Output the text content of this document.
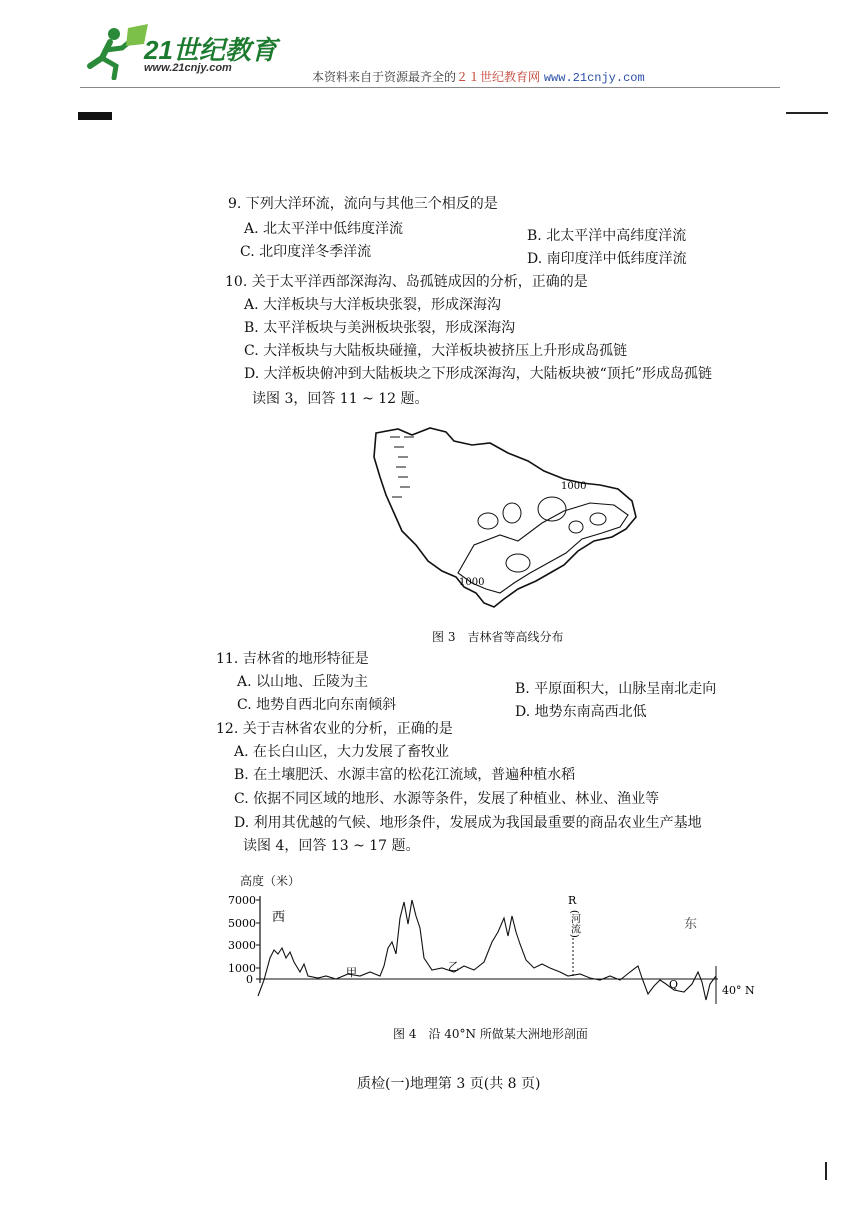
21世纪教育
www.21cnjy.com
本资料来自于资源最齐全的２１世纪教育网 www.21cnjy.com
9. 下列大洋环流，流向与其他三个相反的是
A. 北太平洋中低纬度洋流	B. 北太平洋中高纬度洋流
C. 北印度洋冬季洋流	D. 南印度洋中低纬度洋流
10. 关于太平洋西部深海沟、岛孤链成因的分析，正确的是
A. 大洋板块与大洋板块张裂，形成深海沟
B. 太平洋板块与美洲板块张裂，形成深海沟
C. 大洋板块与大陆板块碰撞，大洋板块被挤压上升形成岛孤链
D. 大洋板块俯冲到大陆板块之下形成深海沟，大陆板块被“顶托”形成岛孤链
读图 3，回答 11 ~ 12 题。
1000
1000
图 3　吉林省等高线分布
11. 吉林省的地形特征是
A. 以山地、丘陵为主	B. 平原面积大，山脉呈南北走向
C. 地势自西北向东南倾斜	D. 地势东南高西北低
12. 关于吉林省农业的分析，正确的是
A. 在长白山区，大力发展了畜牧业
B. 在土壤肥沃、水源丰富的松花江流域，普遍种植水稻
C. 依据不同区域的地形、水源等条件，发展了种植业、林业、渔业等
D. 利用其优越的气候、地形条件，发展成为我国最重要的商品农业生产基地
读图 4，回答 13 ~ 17 题。
高度（米）
7000
5000
3000
1000
0
西	东
甲	乙
R
(河流)
Q	40° N
图 4　沿 40°N 所做某大洲地形剖面
质检(一)地理第 3 页(共 8 页)
